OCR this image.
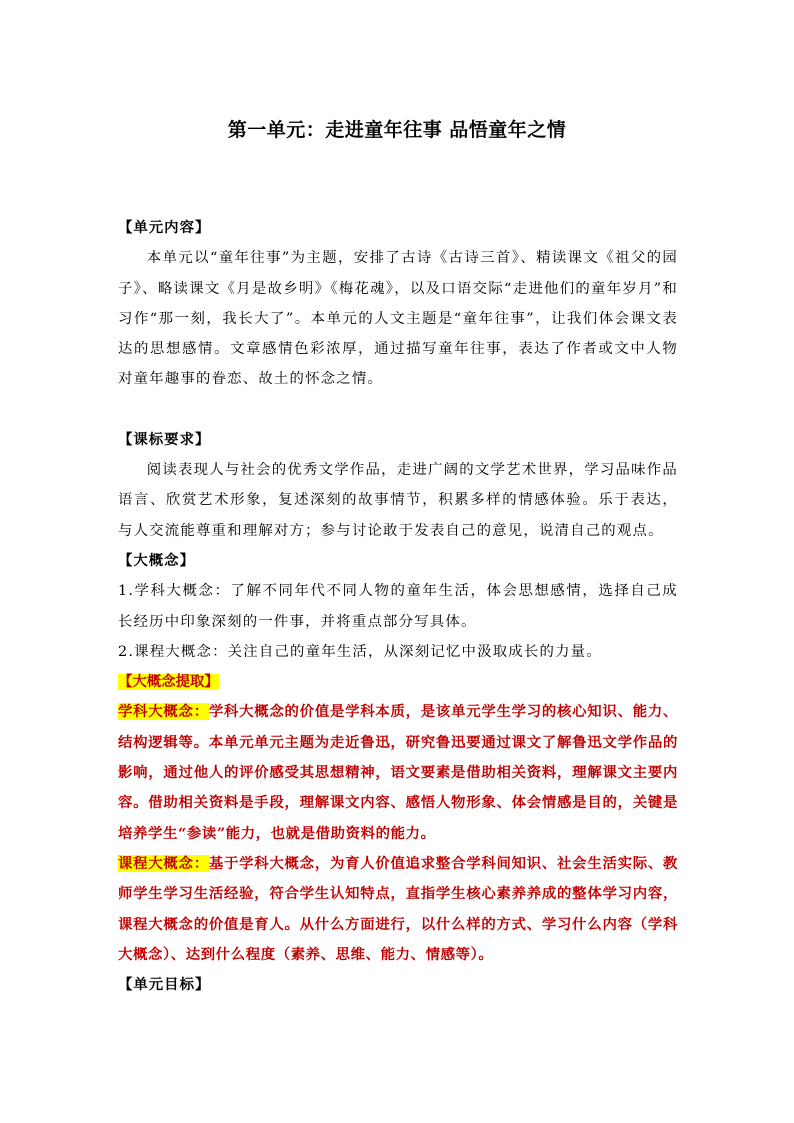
第一单元：走进童年往事 品悟童年之情
【单元内容】
本单元以“童年往事”为主题，安排了古诗《古诗三首》、精读课文《祖父的园子》、略读课文《月是故乡明》《梅花魂》，以及口语交际“走进他们的童年岁月”和习作“那一刻，我长大了”。本单元的人文主题是“童年往事”，让我们体会课文表达的思想感情。文章感情色彩浓厚，通过描写童年往事，表达了作者或文中人物对童年趣事的眷恋、故土的怀念之情。
【课标要求】
阅读表现人与社会的优秀文学作品，走进广阔的文学艺术世界，学习品味作品语言、欣赏艺术形象，复述深刻的故事情节，积累多样的情感体验。乐于表达，与人交流能尊重和理解对方；参与讨论敢于发表自己的意见，说清自己的观点。
【大概念】
1.学科大概念：了解不同年代不同人物的童年生活，体会思想感情，选择自己成长经历中印象深刻的一件事，并将重点部分写具体。
2.课程大概念：关注自己的童年生活，从深刻记忆中汲取成长的力量。
【大概念提取】
学科大概念：学科大概念的价值是学科本质，是该单元学生学习的核心知识、能力、结构逻辑等。本单元单元主题为走近鲁迅，研究鲁迅要通过课文了解鲁迅文学作品的影响，通过他人的评价感受其思想精神，语文要素是借助相关资料，理解课文主要内容。借助相关资料是手段，理解课文内容、感悟人物形象、体会情感是目的，关键是培养学生“参读”能力，也就是借助资料的能力。
课程大概念：基于学科大概念，为育人价值追求整合学科间知识、社会生活实际、教师学生学习生活经验，符合学生认知特点，直指学生核心素养养成的整体学习内容，课程大概念的价值是育人。从什么方面进行，以什么样的方式、学习什么内容（学科大概念）、达到什么程度（素养、思维、能力、情感等）。
【单元目标】
